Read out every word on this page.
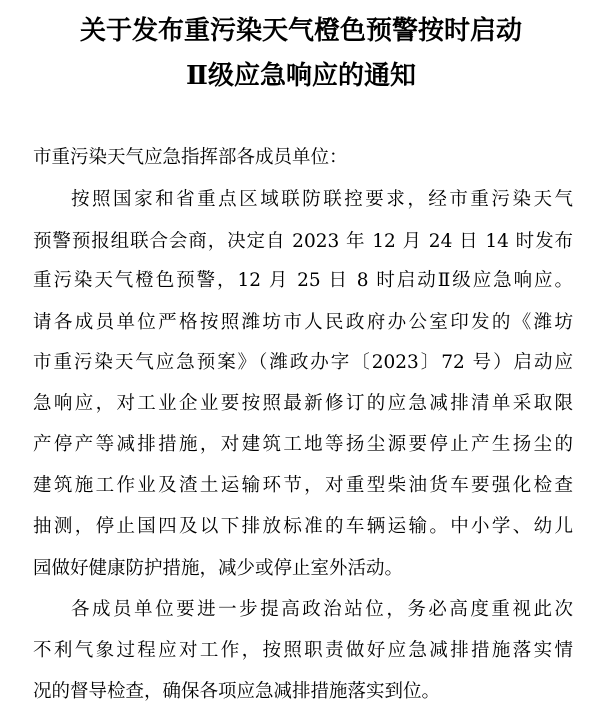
关于发布重污染天气橙色预警按时启动
Ⅱ级应急响应的通知
市重污染天气应急指挥部各成员单位：
按照国家和省重点区域联防联控要求，经市重污染天气
预警预报组联合会商，决定自 2023 年 12 月 24 日 14 时发布
重污染天气橙色预警，12 月 25 日 8 时启动Ⅱ级应急响应。
请各成员单位严格按照潍坊市人民政府办公室印发的《潍坊
市重污染天气应急预案》（潍政办字〔2023〕72 号）启动应
急响应，对工业企业要按照最新修订的应急减排清单采取限
产停产等减排措施，对建筑工地等扬尘源要停止产生扬尘的
建筑施工作业及渣土运输环节，对重型柴油货车要强化检查
抽测，停止国四及以下排放标准的车辆运输。中小学、幼儿
园做好健康防护措施，减少或停止室外活动。
各成员单位要进一步提高政治站位，务必高度重视此次
不利气象过程应对工作，按照职责做好应急减排措施落实情
况的督导检查，确保各项应急减排措施落实到位。
